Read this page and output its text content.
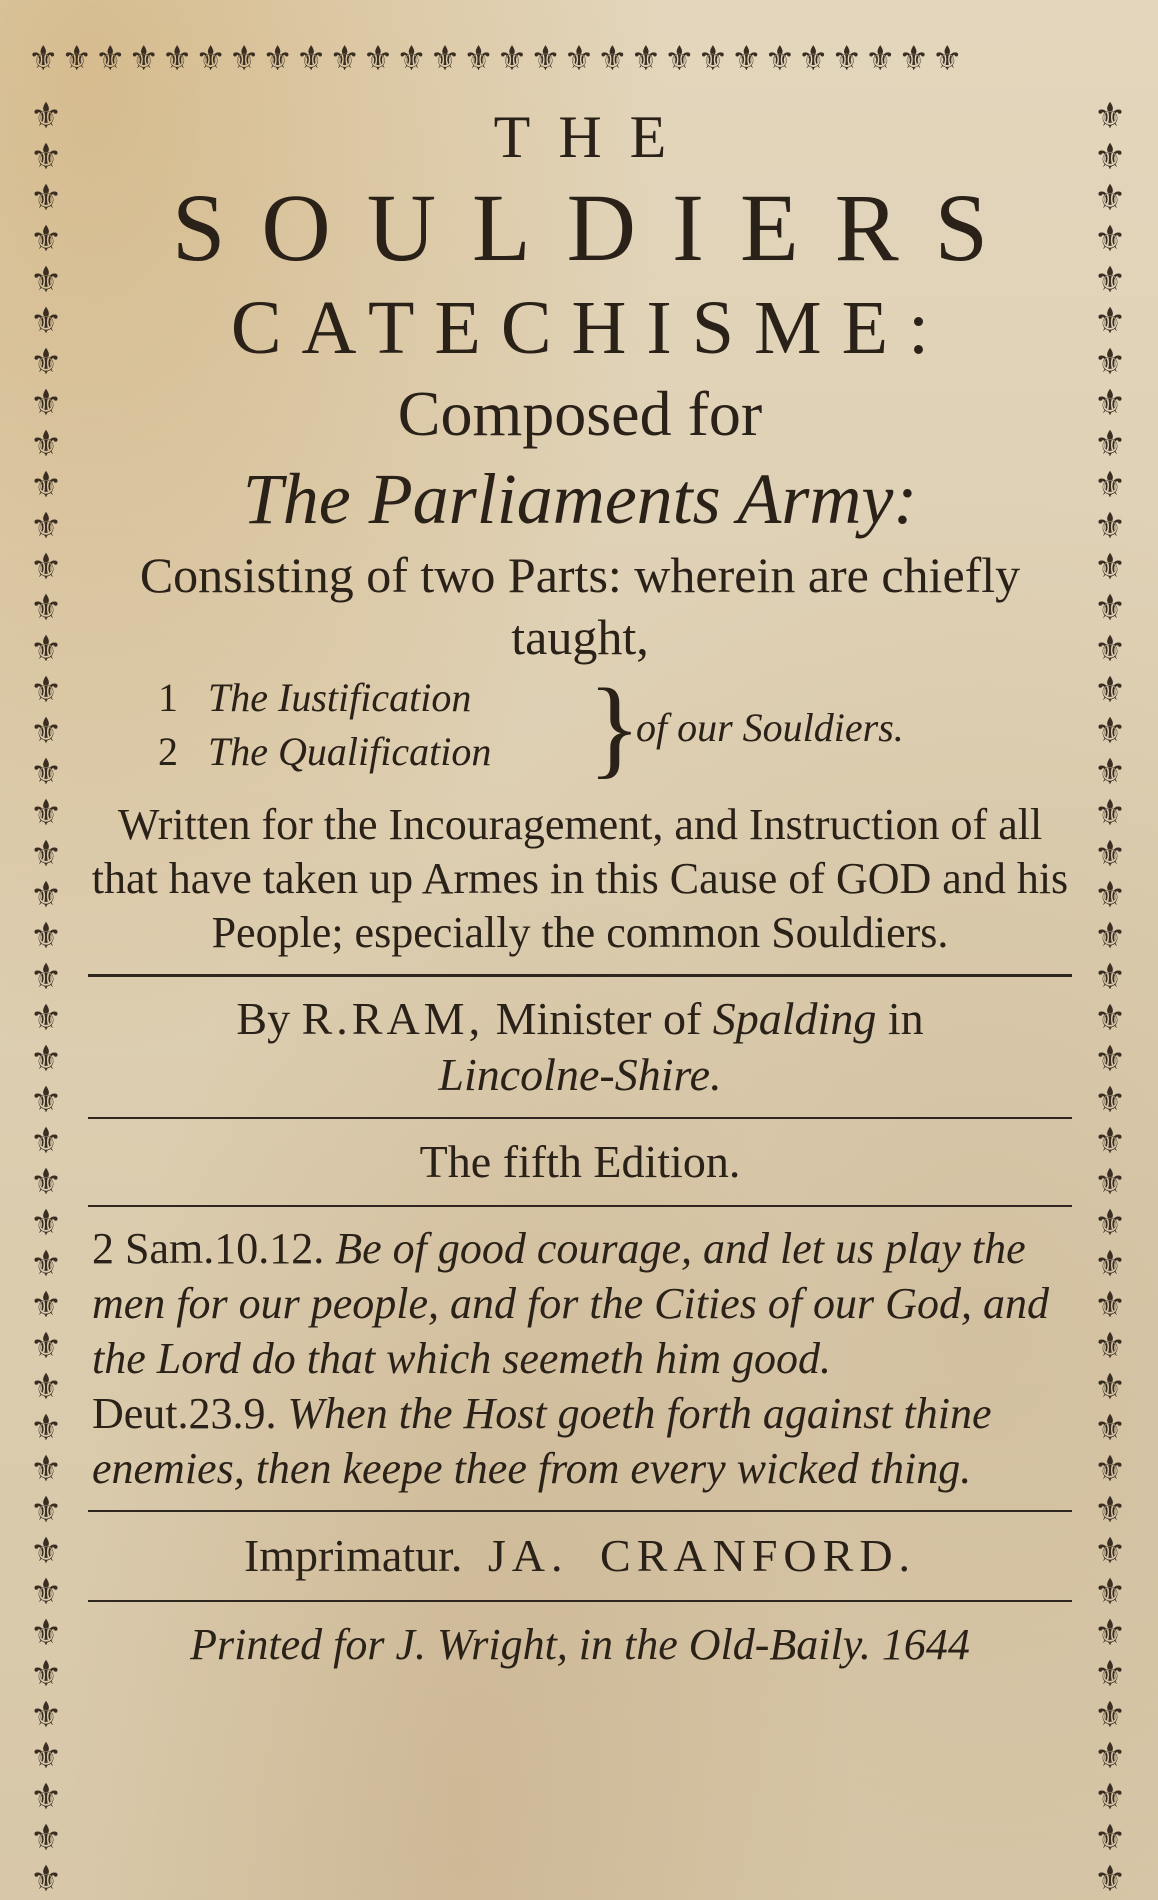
⚜⚜⚜⚜⚜⚜⚜⚜⚜⚜⚜⚜⚜⚜⚜⚜⚜⚜⚜⚜⚜⚜⚜⚜⚜⚜⚜⚜
⚜⚜⚜⚜⚜⚜⚜⚜⚜⚜⚜⚜⚜⚜⚜⚜⚜⚜⚜⚜⚜⚜⚜⚜⚜⚜⚜⚜⚜⚜⚜⚜⚜⚜⚜⚜⚜⚜⚜⚜⚜⚜⚜⚜
⚜⚜⚜⚜⚜⚜⚜⚜⚜⚜⚜⚜⚜⚜⚜⚜⚜⚜⚜⚜⚜⚜⚜⚜⚜⚜⚜⚜⚜⚜⚜⚜⚜⚜⚜⚜⚜⚜⚜⚜⚜⚜⚜⚜
THE
SOULDIERS
CATECHISME:
Composed for
The Parliaments Army:
Consisting of two Parts: wherein are chiefly taught,
1 The Iustification
2 The Qualification }
of our Souldiers.
Written for the Incouragement, and Instruction of all that have taken up Armes in this Cause of GOD and his People; especially the common Souldiers.
By R.RAM, Minister of Spalding in
Lincolne-Shire.
The fifth Edition.
2 Sam.10.12. Be of good courage, and let us play the men for our people, and for the Cities of our God, and the Lord do that which seemeth him good.
Deut.23.9. When the Host goeth forth against thine enemies, then keepe thee from every wicked thing.
Imprimatur. JA. CRANFORD.
Printed for J. Wright, in the Old-Baily. 1644
